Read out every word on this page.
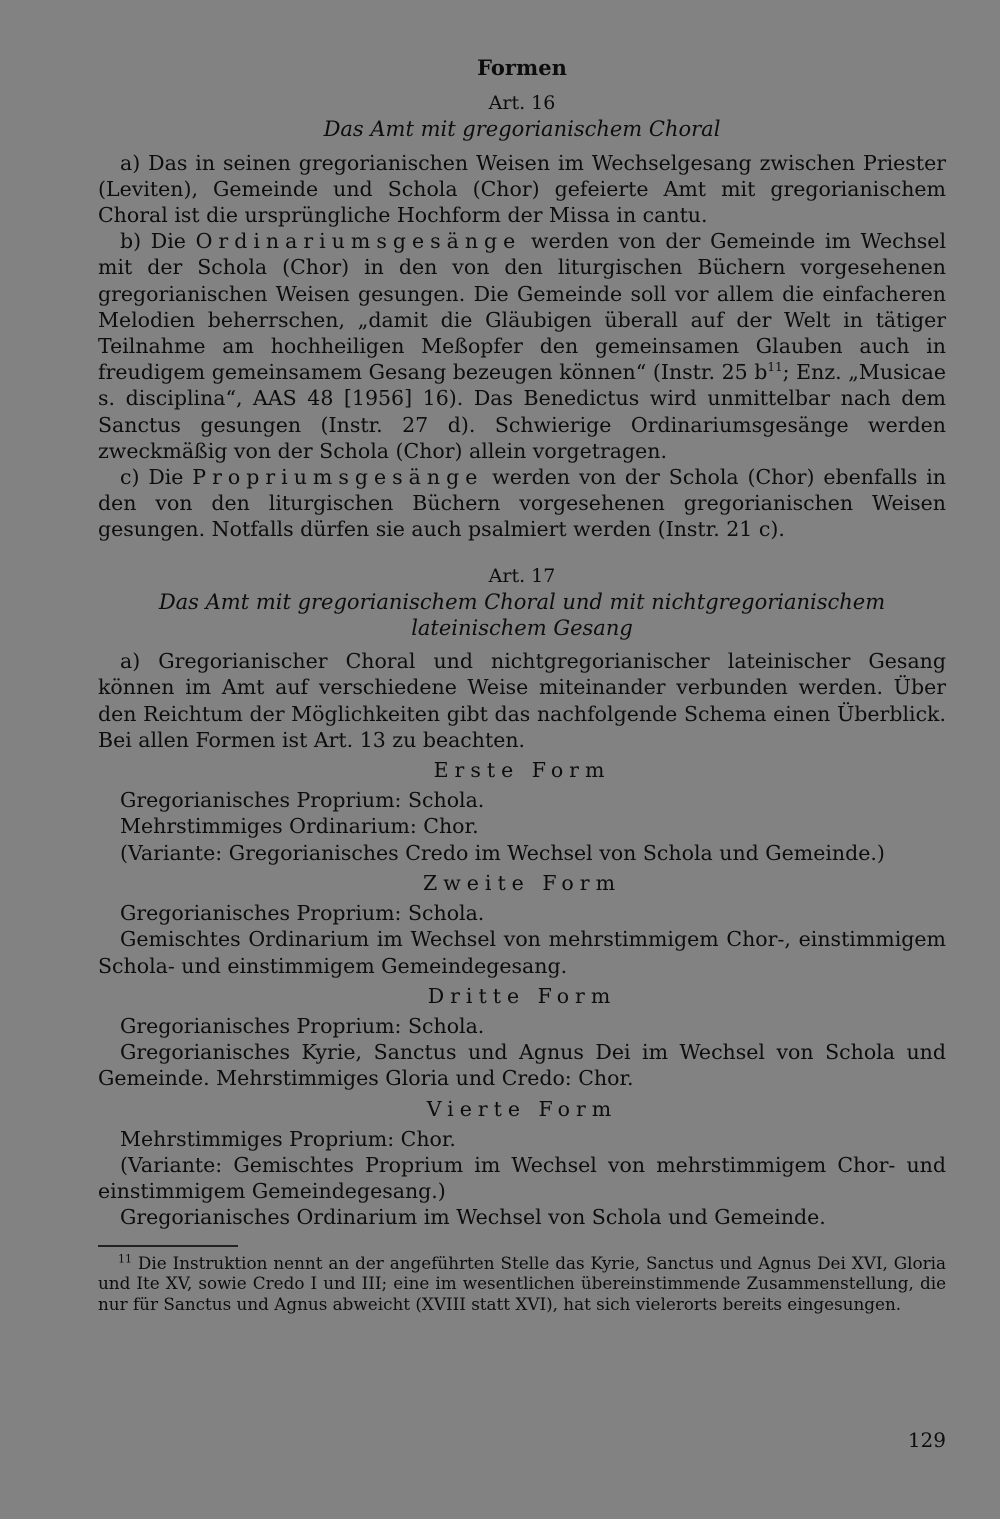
Formen

Art. 16

Das Amt mit gregorianischem Choral

a) Das in seinen gregorianischen Weisen im Wechselgesang zwischen Priester (Leviten), Gemeinde und Schola (Chor) gefeierte Amt mit gregorianischem Choral ist die ursprüngliche Hochform der Missa in cantu.

b) Die Ordinariumsgesänge werden von der Gemeinde im Wechsel mit der Schola (Chor) in den von den liturgischen Büchern vorgesehenen gregorianischen Weisen gesungen. Die Gemeinde soll vor allem die einfacheren Melodien beherrschen, „damit die Gläubigen überall auf der Welt in tätiger Teilnahme am hochheiligen Meßopfer den gemeinsamen Glauben auch in freudigem gemeinsamem Gesang bezeugen können“ (Instr. 25 $b^{11}$; Enz. „Musicae s. disciplina“, AAS 48 [1956] 16). Das Benedictus wird unmittelbar nach dem Sanctus gesungen (Instr. 27 d). Schwierige Ordinariumsgesänge werden zweckmäßig von der Schola (Chor) allein vorgetragen.

c) Die Propriumsgesänge werden von der Schola (Chor) ebenfalls in den von den liturgischen Büchern vorgesehenen gregorianischen Weisen gesungen. Notfalls dürfen sie auch psalmiert werden (Instr. 21 c).

Art. 17

Das Amt mit gregorianischem Choral und mit nichtgregorianischem lateinischem Gesang

a) Gregorianischer Choral und nichtgregorianischer lateinischer Gesang können im Amt auf verschiedene Weise miteinander verbunden werden. Über den Reichtum der Möglichkeiten gibt das nachfolgende Schema einen Überblick. Bei allen Formen ist Art. 13 zu beachten.

Erste Form

Gregorianisches Proprium: Schola.

Mehrstimmiges Ordinarium: Chor.

(Variante: Gregorianisches Credo im Wechsel von Schola und Gemeinde.)

Zweite Form

Gregorianisches Proprium: Schola.

Gemischtes Ordinarium im Wechsel von mehrstimmigem Chor-, einstimmigem Schola- und einstimmigem Gemeindegesang.

Dritte Form

Gregorianisches Proprium: Schola.

Gregorianisches Kyrie, Sanctus und Agnus Dei im Wechsel von Schola und Gemeinde. Mehrstimmiges Gloria und Credo: Chor.

Vierte Form

Mehrstimmiges Proprium: Chor.

(Variante: Gemischtes Proprium im Wechsel von mehrstimmigem Chor- und einstimmigem Gemeindegesang.)

Gregorianisches Ordinarium im Wechsel von Schola und Gemeinde.

$^{11}$ Die Instruktion nennt an der angeführten Stelle das Kyrie, Sanctus und Agnus Dei XVI, Gloria und Ite XV, sowie Credo I und III; eine im wesentlichen übereinstimmende Zusammenstellung, die nur für Sanctus und Agnus abweicht (XVIII statt XVI), hat sich vielerorts bereits eingesungen.

129
